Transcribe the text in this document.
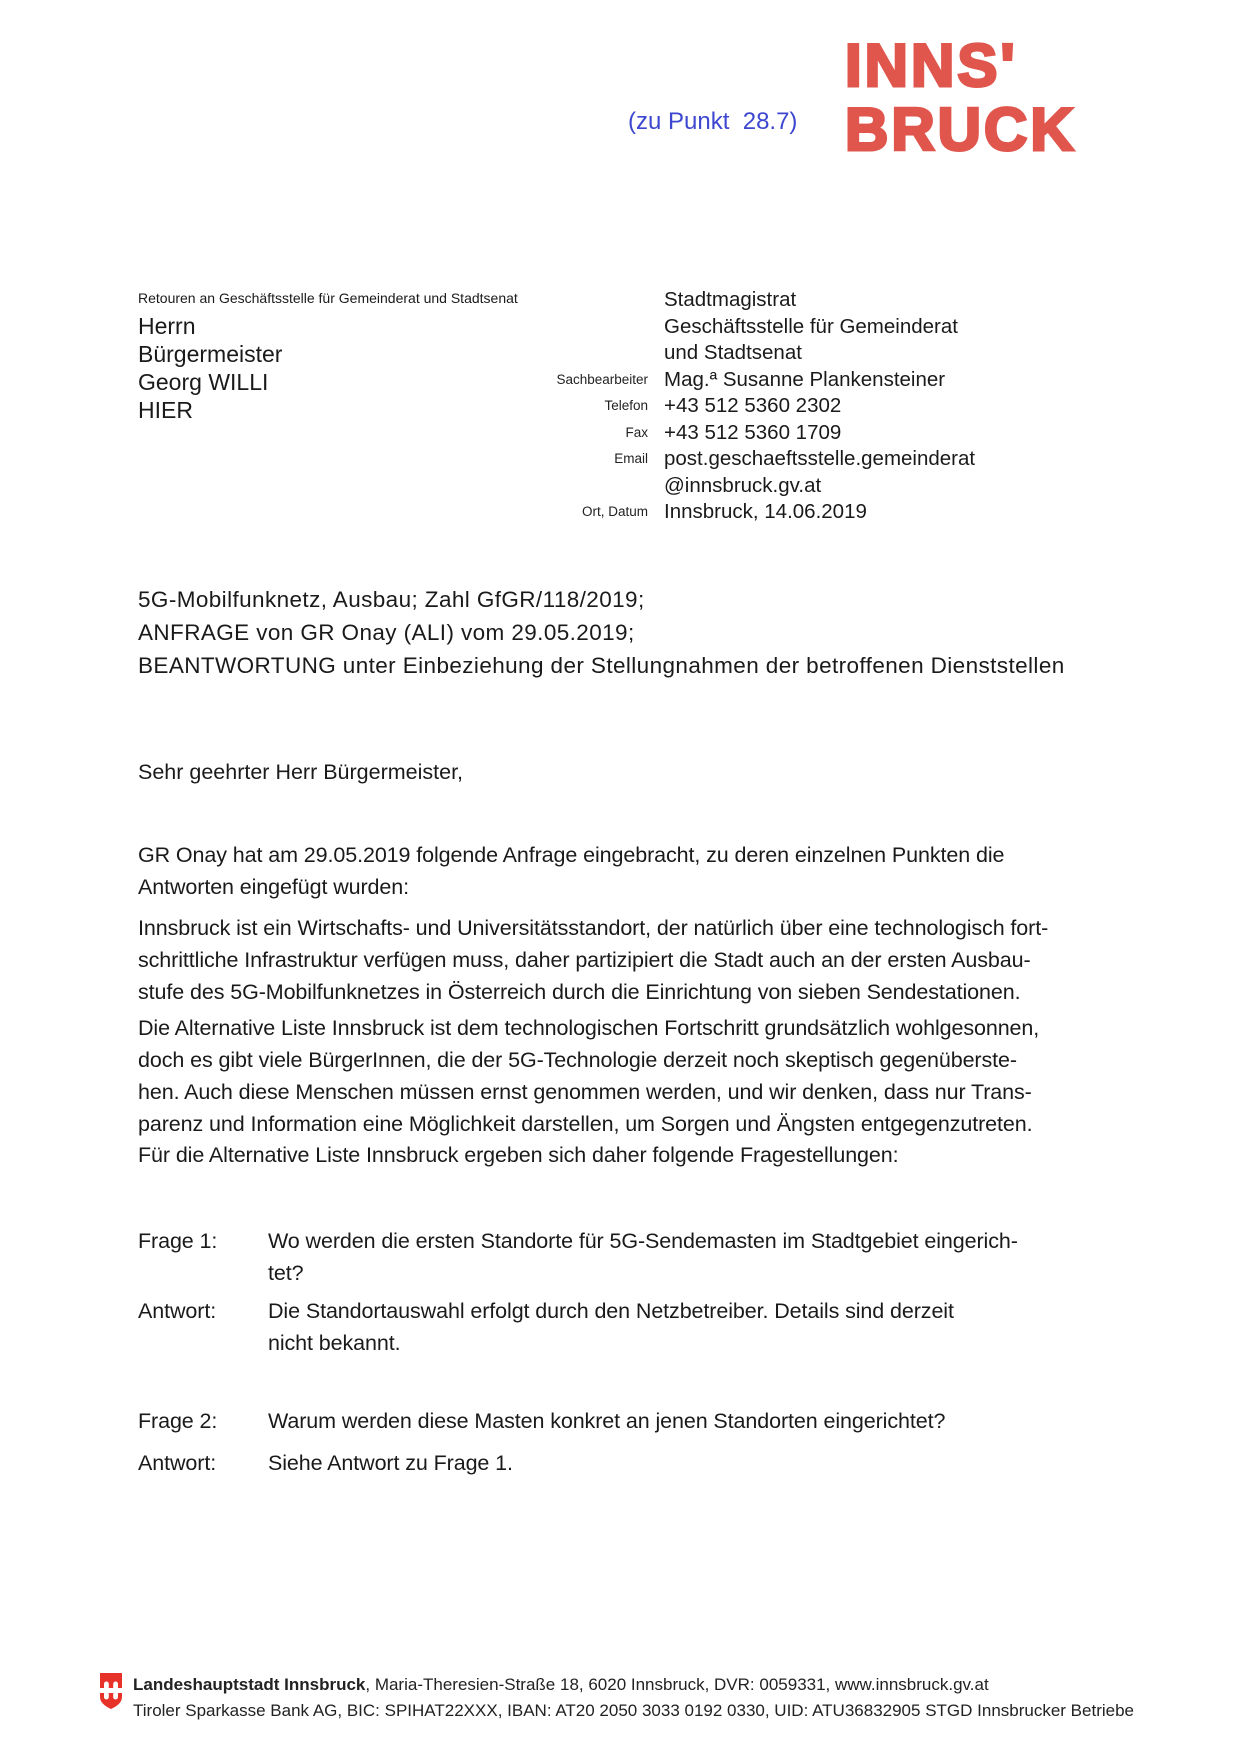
(zu Punkt  28.7)
INNS'
BRUCK
Retouren an Geschäftsstelle für Gemeinderat und Stadtsenat
Herrn
Bürgermeister
Georg WILLI
HIER
Stadtmagistrat
Geschäftsstelle für Gemeinderat
und Stadtsenat
Sachbearbeiter Mag.ª Susanne Plankensteiner
Telefon +43 512 5360 2302
Fax +43 512 5360 1709
Email post.geschaeftsstelle.gemeinderat
@innsbruck.gv.at
Ort, Datum Innsbruck, 14.06.2019
5G-Mobilfunknetz, Ausbau; Zahl GfGR/118/2019;
ANFRAGE von GR Onay (ALI) vom 29.05.2019;
BEANTWORTUNG unter Einbeziehung der Stellungnahmen der betroffenen Dienststellen
Sehr geehrter Herr Bürgermeister,
GR Onay hat am 29.05.2019 folgende Anfrage eingebracht, zu deren einzelnen Punkten die
Antworten eingefügt wurden:
Innsbruck ist ein Wirtschafts- und Universitätsstandort, der natürlich über eine technologisch fort-
schrittliche Infrastruktur verfügen muss, daher partizipiert die Stadt auch an der ersten Ausbau-
stufe des 5G-Mobilfunknetzes in Österreich durch die Einrichtung von sieben Sendestationen.
Die Alternative Liste Innsbruck ist dem technologischen Fortschritt grundsätzlich wohlgesonnen,
doch es gibt viele BürgerInnen, die der 5G-Technologie derzeit noch skeptisch gegenüberste-
hen. Auch diese Menschen müssen ernst genommen werden, und wir denken, dass nur Trans-
parenz und Information eine Möglichkeit darstellen, um Sorgen und Ängsten entgegenzutreten.
Für die Alternative Liste Innsbruck ergeben sich daher folgende Fragestellungen:
Frage 1:	Wo werden die ersten Standorte für 5G-Sendemasten im Stadtgebiet eingerich-
tet?
Antwort:	Die Standortauswahl erfolgt durch den Netzbetreiber. Details sind derzeit
nicht bekannt.
Frage 2:	Warum werden diese Masten konkret an jenen Standorten eingerichtet?
Antwort:	Siehe Antwort zu Frage 1.
Landeshauptstadt Innsbruck, Maria-Theresien-Straße 18, 6020 Innsbruck, DVR: 0059331, www.innsbruck.gv.at
Tiroler Sparkasse Bank AG, BIC: SPIHAT22XXX, IBAN: AT20 2050 3033 0192 0330, UID: ATU36832905 STGD Innsbrucker Betriebe
